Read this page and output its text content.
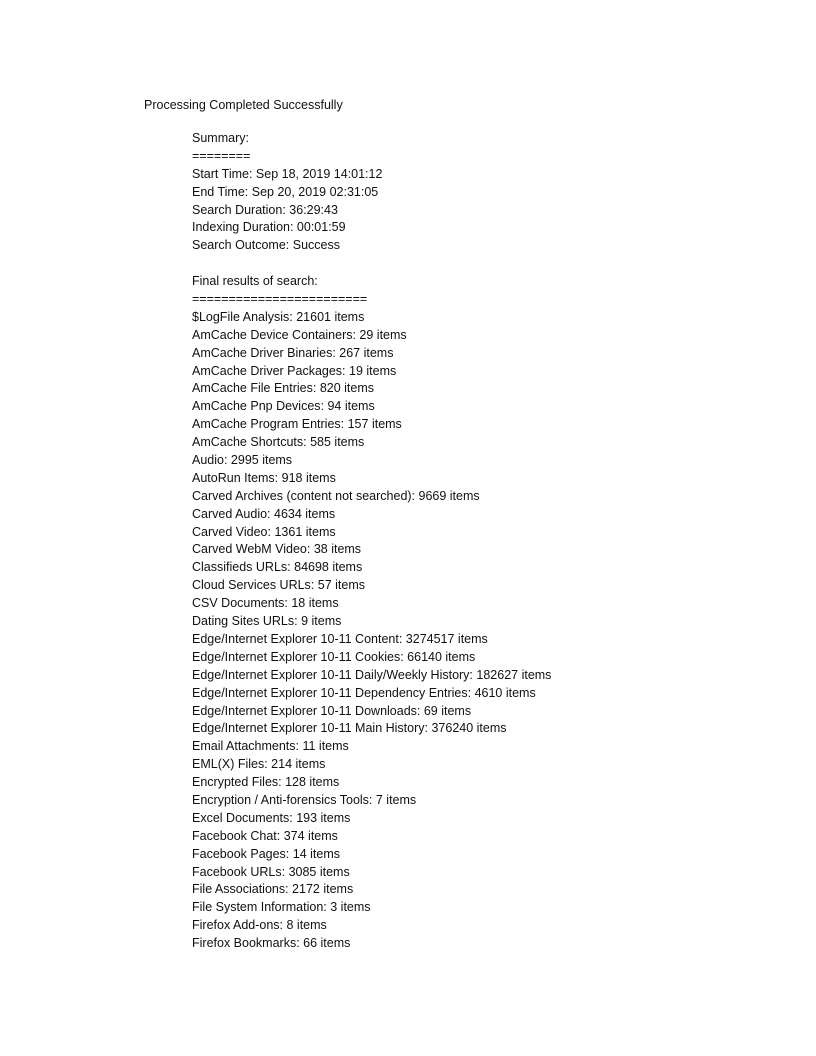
Processing Completed Successfully
Summary:
========
Start Time: Sep 18, 2019 14:01:12
End Time: Sep 20, 2019 02:31:05
Search Duration: 36:29:43
Indexing Duration: 00:01:59
Search Outcome: Success
Final results of search:
========================
$LogFile Analysis: 21601 items
AmCache Device Containers: 29 items
AmCache Driver Binaries: 267 items
AmCache Driver Packages: 19 items
AmCache File Entries: 820 items
AmCache Pnp Devices: 94 items
AmCache Program Entries: 157 items
AmCache Shortcuts: 585 items
Audio: 2995 items
AutoRun Items: 918 items
Carved Archives (content not searched): 9669 items
Carved Audio: 4634 items
Carved Video: 1361 items
Carved WebM Video: 38 items
Classifieds URLs: 84698 items
Cloud Services URLs: 57 items
CSV Documents: 18 items
Dating Sites URLs: 9 items
Edge/Internet Explorer 10-11 Content: 3274517 items
Edge/Internet Explorer 10-11 Cookies: 66140 items
Edge/Internet Explorer 10-11 Daily/Weekly History: 182627 items
Edge/Internet Explorer 10-11 Dependency Entries: 4610 items
Edge/Internet Explorer 10-11 Downloads: 69 items
Edge/Internet Explorer 10-11 Main History: 376240 items
Email Attachments: 11 items
EML(X) Files: 214 items
Encrypted Files: 128 items
Encryption / Anti-forensics Tools: 7 items
Excel Documents: 193 items
Facebook Chat: 374 items
Facebook Pages: 14 items
Facebook URLs: 3085 items
File Associations: 2172 items
File System Information: 3 items
Firefox Add-ons: 8 items
Firefox Bookmarks: 66 items
